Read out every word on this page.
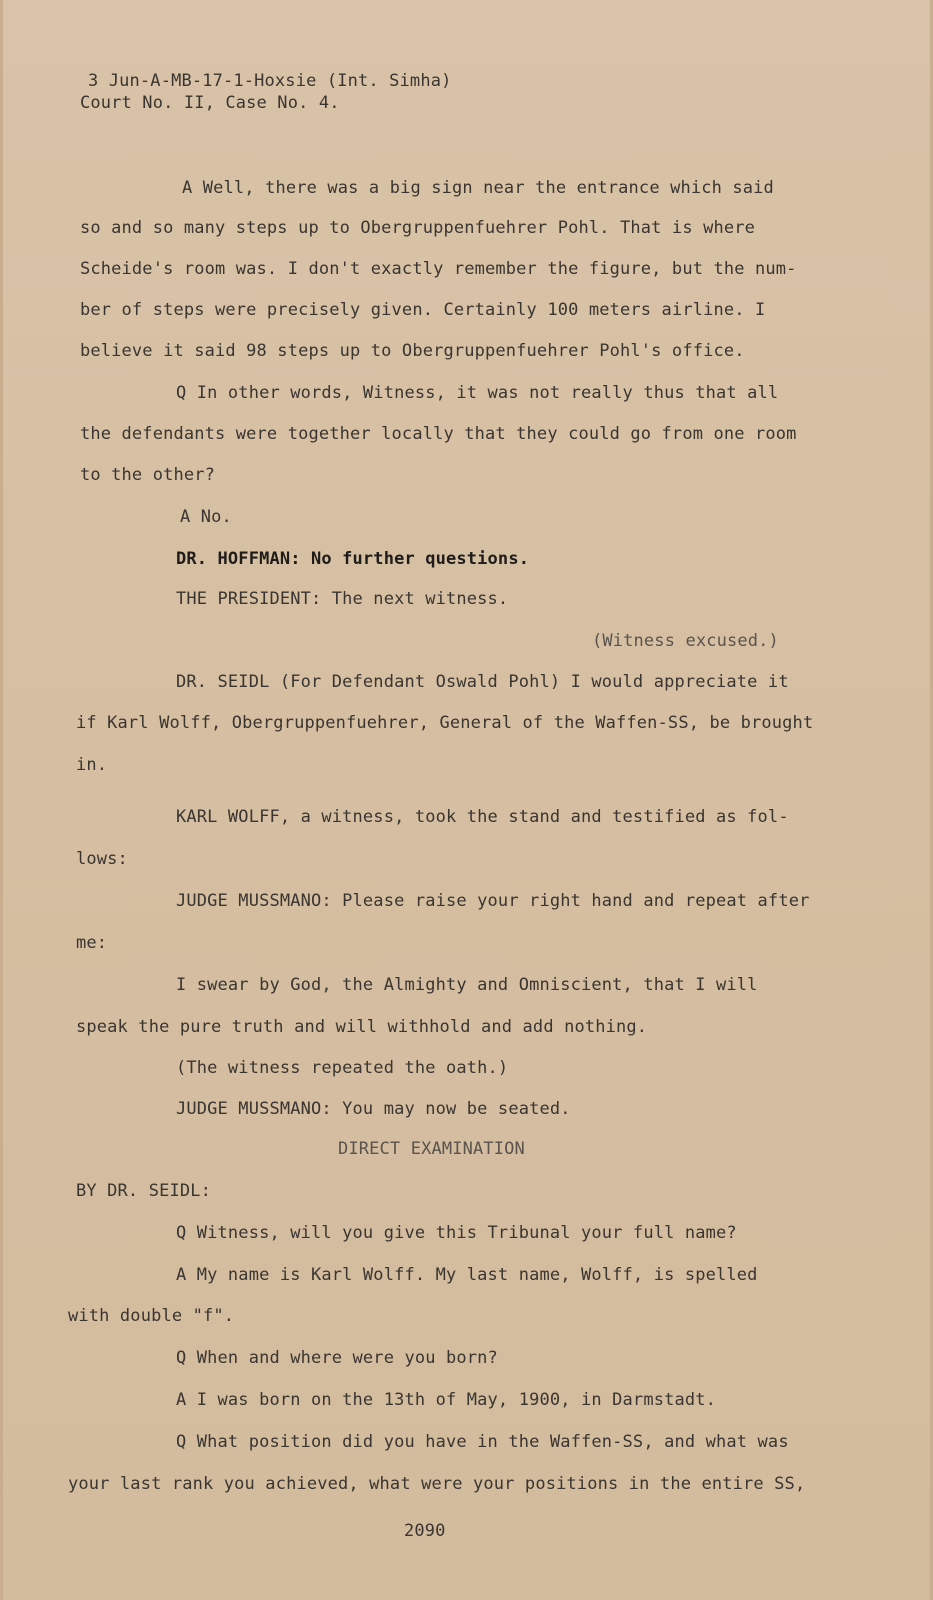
3 Jun-A-MB-17-1-Hoxsie (Int. Simha)
Court No. II, Case No. 4.
A Well, there was a big sign near the entrance which said
so and so many steps up to Obergruppenfuehrer Pohl. That is where
Scheide's room was. I don't exactly remember the figure, but the num-
ber of steps were precisely given. Certainly 100 meters airline. I
believe it said 98 steps up to Obergruppenfuehrer Pohl's office.
Q In other words, Witness, it was not really thus that all
the defendants were together locally that they could go from one room
to the other?
A No.
DR. HOFFMAN: No further questions.
THE PRESIDENT: The next witness.
(Witness excused.)
DR. SEIDL (For Defendant Oswald Pohl) I would appreciate it
if Karl Wolff, Obergruppenfuehrer, General of the Waffen-SS, be brought
in.
KARL WOLFF, a witness, took the stand and testified as fol-
lows:
JUDGE MUSSMANO: Please raise your right hand and repeat after
me:
I swear by God, the Almighty and Omniscient, that I will
speak the pure truth and will withhold and add nothing.
(The witness repeated the oath.)
JUDGE MUSSMANO: You may now be seated.
DIRECT EXAMINATION
BY DR. SEIDL:
Q Witness, will you give this Tribunal your full name?
A My name is Karl Wolff. My last name, Wolff, is spelled
with double "f".
Q When and where were you born?
A I was born on the 13th of May, 1900, in Darmstadt.
Q What position did you have in the Waffen-SS, and what was
your last rank you achieved, what were your positions in the entire SS,
2090
